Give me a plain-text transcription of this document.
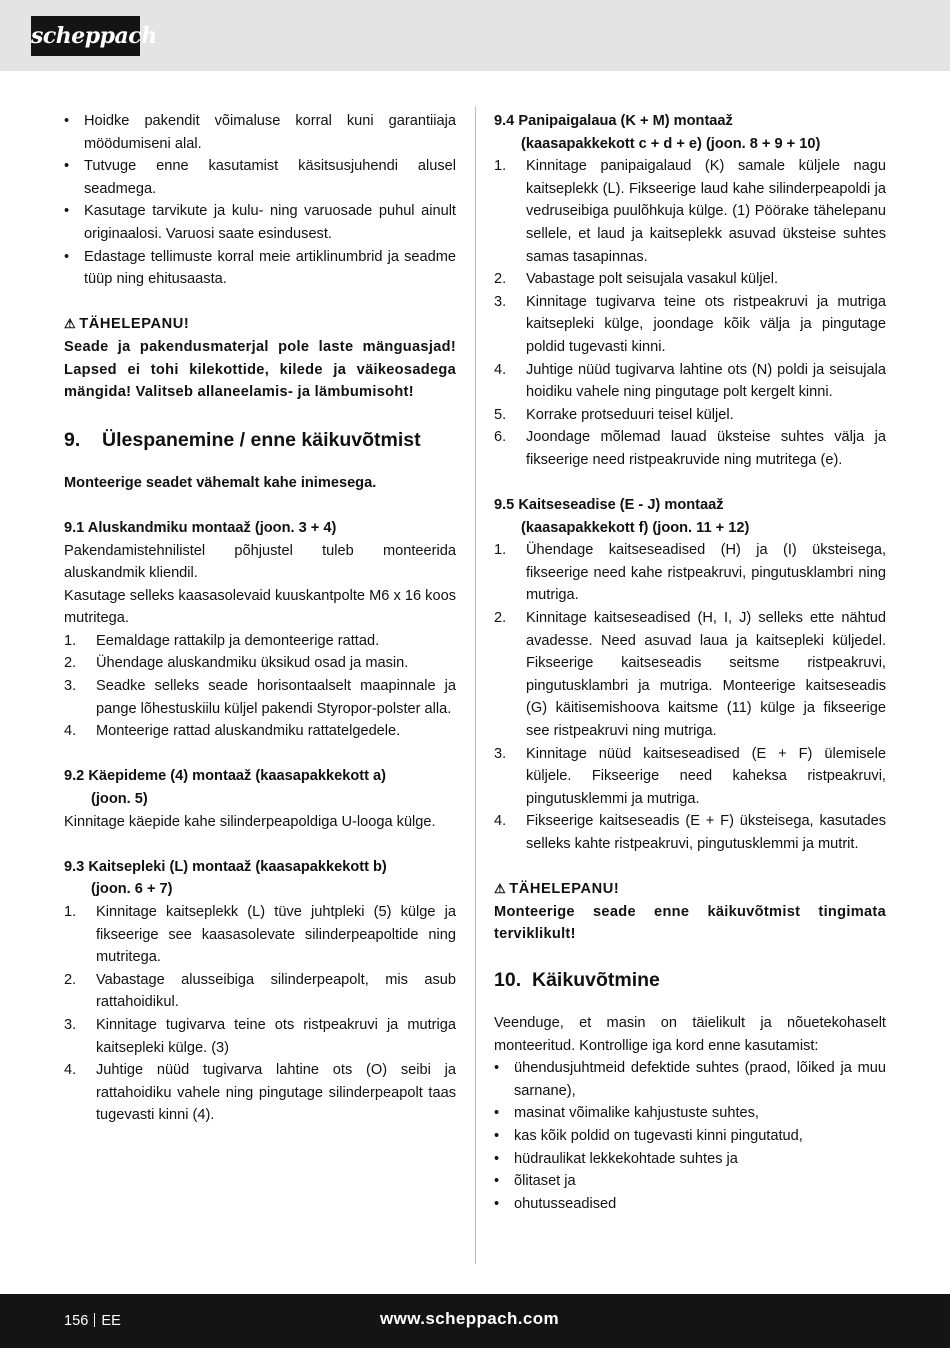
scheppach
• Hoidke pakendit võimaluse korral kuni garantiiaja möödumiseni alal.
• Tutvuge enne kasutamist käsitsusjuhendi alusel seadmega.
• Kasutage tarvikute ja kulu- ning varuosade puhul ainult originaalosi. Varuosi saate esindusest.
• Edastage tellimuste korral meie artiklinumbrid ja seadme tüüp ning ehitusaasta.
⚠ TÄHELEPANU!
Seade ja pakendusmaterjal pole laste mänguasjad! Lapsed ei tohi kilekottide, kilede ja väikeosadega mängida! Valitseb allaneelamis- ja lämbumisoht!
9. Ülespanemine / enne käikuvõtmist
Monteerige seadet vähemalt kahe inimesega.
9.1 Aluskandmiku montaaž (joon. 3 + 4)
Pakendamistehnilistel põhjustel tuleb monteerida aluskandmik kliendil.
Kasutage selleks kaasasolevaid kuuskantpolte M6 x 16 koos mutritega.
1.	Eemaldage rattakilp ja demonteerige rattad.
2.	Ühendage aluskandmiku üksikud osad ja masin.
3.	Seadke selleks seade horisontaalselt maapinnale ja pange lõhestuskiilu küljel pakendi Styropor-polster alla.
4.	Monteerige rattad aluskandmiku rattatelgedele.
9.2 Käepideme (4) montaaž (kaasapakkekott a)
(joon. 5)
Kinnitage käepide kahe silinderpeapoldiga U-looga külge.
9.3 Kaitsepleki (L) montaaž (kaasapakkekott b)
(joon. 6 + 7)
1.	Kinnitage kaitseplekk (L) tüve juhtpleki (5) külge ja fikseerige see kaasasolevate silinderpeapoltide ning mutritega.
2.	Vabastage alusseibiga silinderpeapolt, mis asub rattahoidikul.
3.	Kinnitage tugivarva teine ots ristpeakruvi ja mutriga kaitsepleki külge. (3)
4.	Juhtige nüüd tugivarva lahtine ots (O) seibi ja rattahoidiku vahele ning pingutage silinderpeapolt taas tugevasti kinni (4).
9.4 Panipaigalaua (K + M) montaaž
(kaasapakkekott c + d + e) (joon. 8 + 9 + 10)
1.	Kinnitage panipaigalaud (K) samale küljele nagu kaitseplekk (L). Fikseerige laud kahe silinderpeapoldi ja vedruseibiga puulõhkuja külge. (1) Pöörake tähelepanu sellele, et laud ja kaitseplekk asuvad üksteise suhtes samas tasapinnas.
2.	Vabastage polt seisujala vasakul küljel.
3.	Kinnitage tugivarva teine ots ristpeakruvi ja mutriga kaitsepleki külge, joondage kõik välja ja pingutage poldid tugevasti kinni.
4.	Juhtige nüüd tugivarva lahtine ots (N) poldi ja seisujala hoidiku vahele ning pingutage polt kergelt kinni.
5.	Korrake protseduuri teisel küljel.
6.	Joondage mõlemad lauad üksteise suhtes välja ja fikseerige need ristpeakruvide ning mutritega (e).
9.5 Kaitseseadise (E - J) montaaž
(kaasapakkekott f) (joon. 11 + 12)
1.	Ühendage kaitseseadised (H) ja (I) üksteisega, fikseerige need kahe ristpeakruvi, pingutusklambri ning mutriga.
2.	Kinnitage kaitseseadised (H, I, J) selleks ette nähtud avadesse. Need asuvad laua ja kaitsepleki küljedel. Fikseerige kaitseseadis seitsme ristpeakruvi, pingutusklambri ja mutriga. Monteerige kaitseseadis (G) käitisemishoova kaitsme (11) külge ja fikseerige see ristpeakruvi ning mutriga.
3.	Kinnitage nüüd kaitseseadised (E + F) ülemisele küljele. Fikseerige need kaheksa ristpeakruvi, pingutusklemmi ja mutriga.
4.	Fikseerige kaitseseadis (E + F) üksteisega, kasutades selleks kahte ristpeakruvi, pingutusklemmi ja mutrit.
⚠ TÄHELEPANU!
Monteerige seade enne käikuvõtmist tingimata terviklikult!
10. Käikuvõtmine
Veenduge, et masin on täielikult ja nõuetekohaselt monteeritud. Kontrollige iga kord enne kasutamist:
• ühendusjuhtmeid defektide suhtes (praod, lõiked ja muu sarnane),
• masinat võimalike kahjustuste suhtes,
• kas kõik poldid on tugevasti kinni pingutatud,
• hüdraulikat lekkekohtade suhtes ja
• õlitaset ja
• ohutusseadised
156 EE	www.scheppach.com
